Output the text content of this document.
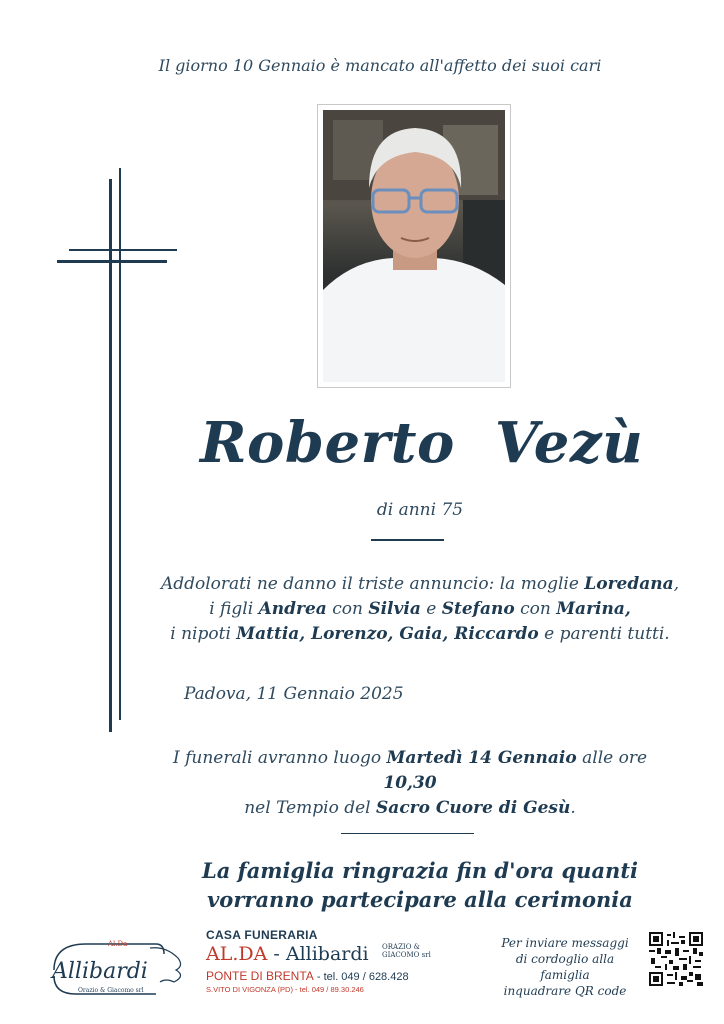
Il giorno 10 Gennaio è mancato all'affetto dei suoi cari
Roberto  Vezù
di anni 75
Addolorati ne danno il triste annuncio: la moglie Loredana,
i figli Andrea con Silvia e Stefano con Marina,
i nipoti Mattia, Lorenzo, Gaia, Riccardo e parenti tutti.
Padova, 11 Gennaio 2025
I funerali avranno luogo Martedì 14 Gennaio alle ore 10,30
nel Tempio del Sacro Cuore di Gesù.
La famiglia ringrazia fin d'ora quanti
vorranno partecipare alla cerimonia
Al.Da
Allibardi
Orazio & Giacomo srl
CASA FUNERARIA
AL.DA - Allibardi ORAZIO &
GIACOMO srl
PONTE DI BRENTA - tel. 049 / 628.428
S.VITO DI VIGONZA (PD) - tel. 049 / 89.30.246
Per inviare messaggi
di cordoglio alla famiglia
inquadrare QR code
